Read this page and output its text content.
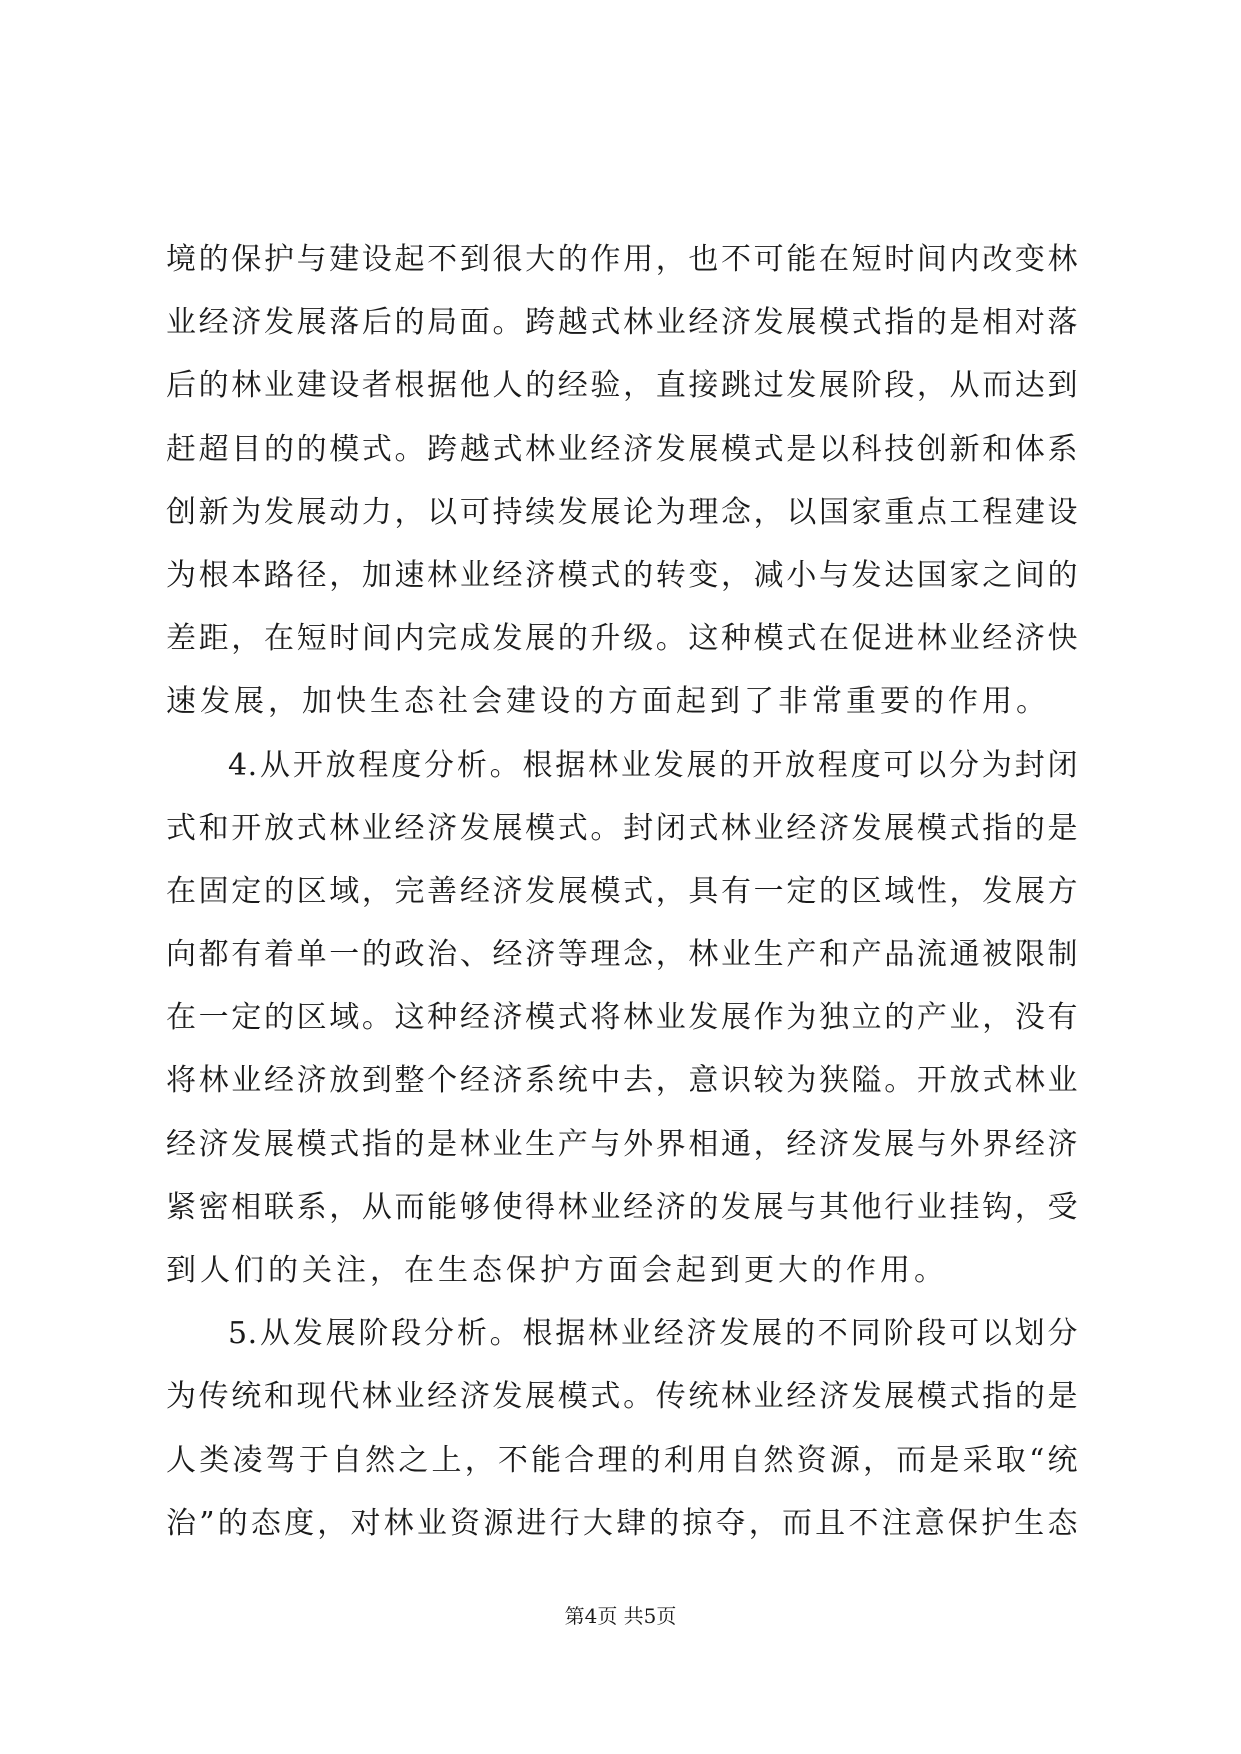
境的保护与建设起不到很大的作用，也不可能在短时间内改变林
业经济发展落后的局面。跨越式林业经济发展模式指的是相对落
后的林业建设者根据他人的经验，直接跳过发展阶段，从而达到
赶超目的的模式。跨越式林业经济发展模式是以科技创新和体系
创新为发展动力，以可持续发展论为理念，以国家重点工程建设
为根本路径，加速林业经济模式的转变，减小与发达国家之间的
差距，在短时间内完成发展的升级。这种模式在促进林业经济快
速发展，加快生态社会建设的方面起到了非常重要的作用。
4.从开放程度分析。根据林业发展的开放程度可以分为封闭
式和开放式林业经济发展模式。封闭式林业经济发展模式指的是
在固定的区域，完善经济发展模式，具有一定的区域性，发展方
向都有着单一的政治、经济等理念，林业生产和产品流通被限制
在一定的区域。这种经济模式将林业发展作为独立的产业，没有
将林业经济放到整个经济系统中去，意识较为狭隘。开放式林业
经济发展模式指的是林业生产与外界相通，经济发展与外界经济
紧密相联系，从而能够使得林业经济的发展与其他行业挂钩，受
到人们的关注，在生态保护方面会起到更大的作用。
5.从发展阶段分析。根据林业经济发展的不同阶段可以划分
为传统和现代林业经济发展模式。传统林业经济发展模式指的是
人类凌驾于自然之上，不能合理的利用自然资源，而是采取“统
治”的态度，对林业资源进行大肆的掠夺，而且不注意保护生态
第4页 共5页
